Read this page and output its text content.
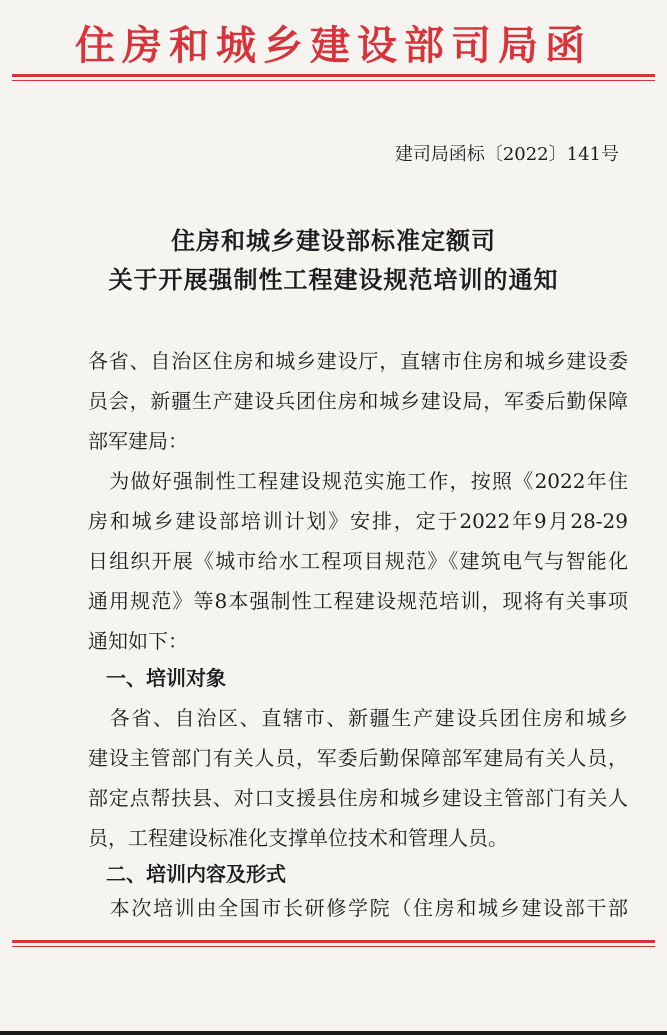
住房和城乡建设部司局函
建司局函标〔2022〕141号
住房和城乡建设部标准定额司
关于开展强制性工程建设规范培训的通知
各省、自治区住房和城乡建设厅，直辖市住房和城乡建设委
员会，新疆生产建设兵团住房和城乡建设局，军委后勤保障
部军建局：
　为做好强制性工程建设规范实施工作，按照《2022年住
房和城乡建设部培训计划》安排，定于2022年9月28-29
日组织开展《城市给水工程项目规范》《建筑电气与智能化
通用规范》等8本强制性工程建设规范培训，现将有关事项
通知如下：
一、培训对象
　各省、自治区、直辖市、新疆生产建设兵团住房和城乡
建设主管部门有关人员，军委后勤保障部军建局有关人员，
部定点帮扶县、对口支援县住房和城乡建设主管部门有关人
员，工程建设标准化支撑单位技术和管理人员。
二、培训内容及形式
　本次培训由全国市长研修学院（住房和城乡建设部干部
